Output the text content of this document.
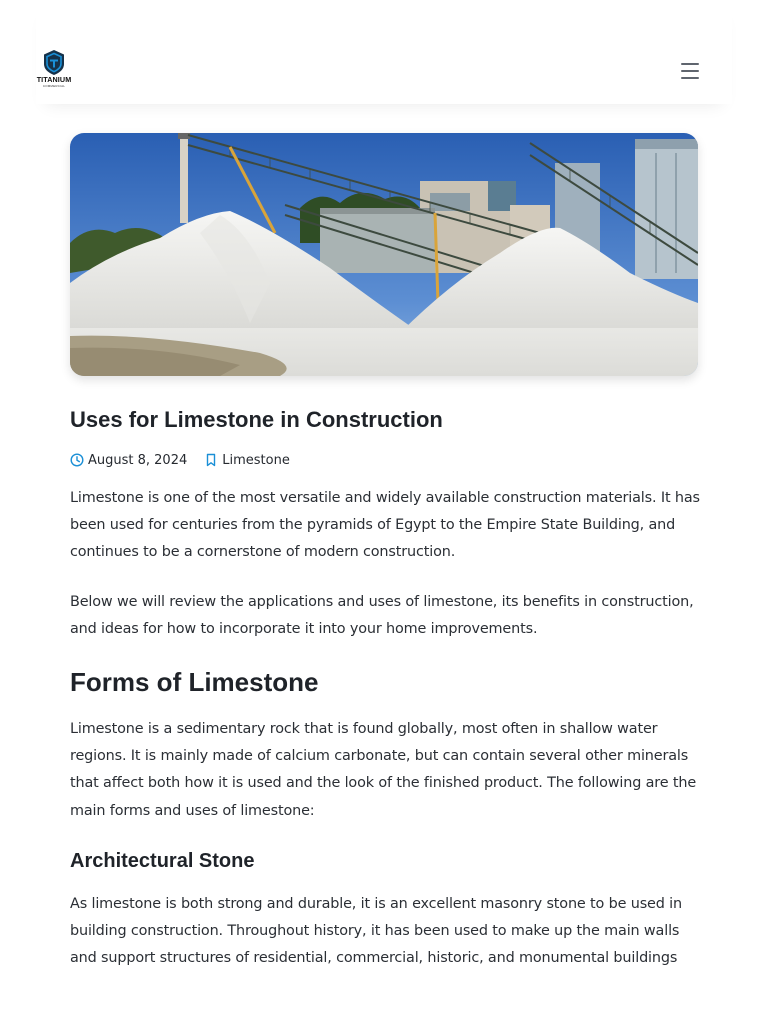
TITANIUM
COMMERCIAL
Uses for Limestone in Construction
August 8, 2024	Limestone

Limestone is one of the most versatile and widely available construction materials. It has been used for centuries from the pyramids of Egypt to the Empire State Building, and continues to be a cornerstone of modern construction.

Below we will review the applications and uses of limestone, its benefits in construction, and ideas for how to incorporate it into your home improvements.

Forms of Limestone

Limestone is a sedimentary rock that is found globally, most often in shallow water regions. It is mainly made of calcium carbonate, but can contain several other minerals that affect both how it is used and the look of the finished product. The following are the main forms and uses of limestone:

Architectural Stone

As limestone is both strong and durable, it is an excellent masonry stone to be used in building construction. Throughout history, it has been used to make up the main walls and support structures of residential, commercial, historic, and monumental buildings
